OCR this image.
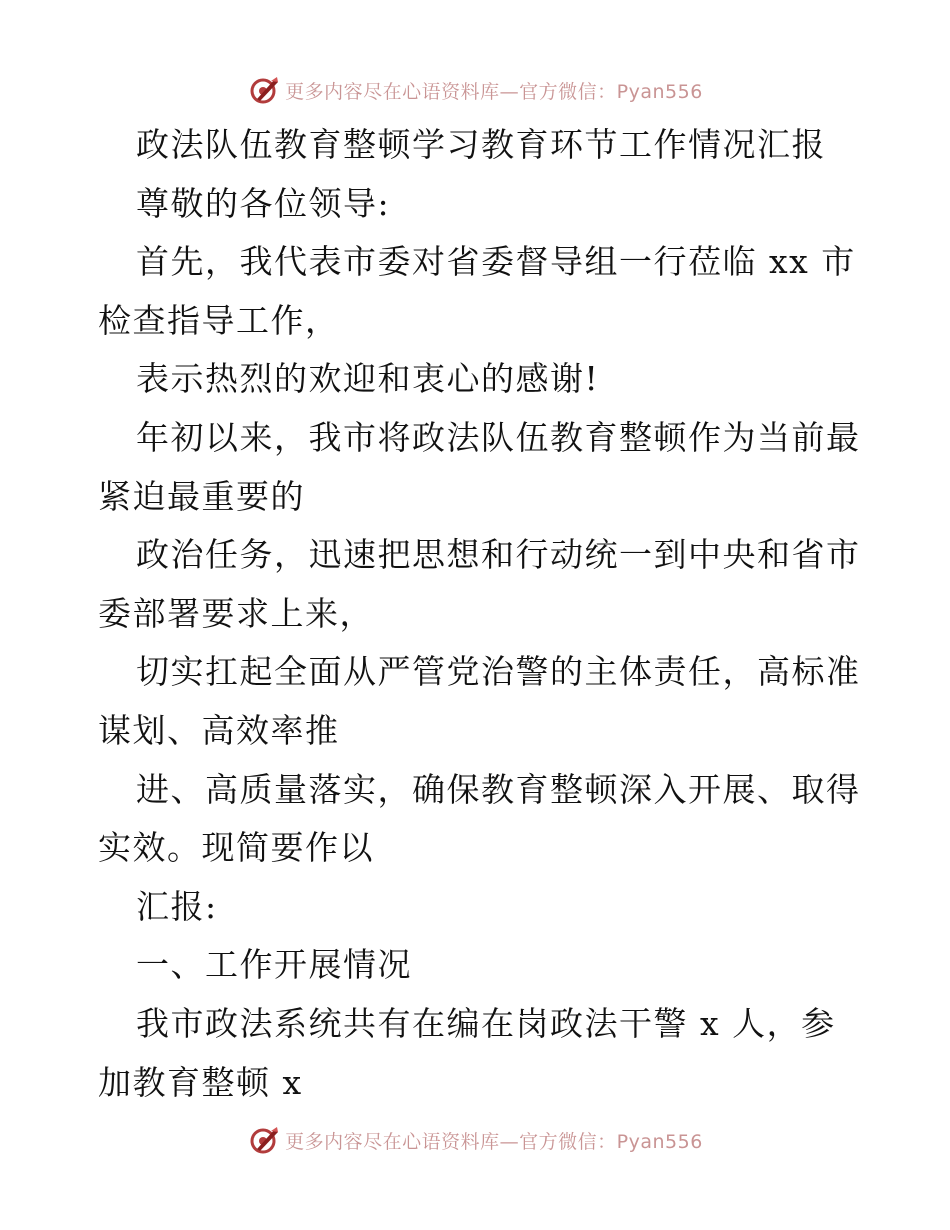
更多内容尽在心语资料库—官方微信：Pyan556
政法队伍教育整顿学习教育环节工作情况汇报
尊敬的各位领导:
首先，我代表市委对省委督导组一行莅临 xx 市
检查指导工作，
表示热烈的欢迎和衷心的感谢!
年初以来，我市将政法队伍教育整顿作为当前最
紧迫最重要的
政治任务，迅速把思想和行动统一到中央和省市
委部署要求上来，
切实扛起全面从严管党治警的主体责任，高标准
谋划、高效率推
进、高质量落实，确保教育整顿深入开展、取得
实效。现简要作以
汇报:
一、工作开展情况
我市政法系统共有在编在岗政法干警 x 人，参
加教育整顿 x
更多内容尽在心语资料库—官方微信：Pyan556
